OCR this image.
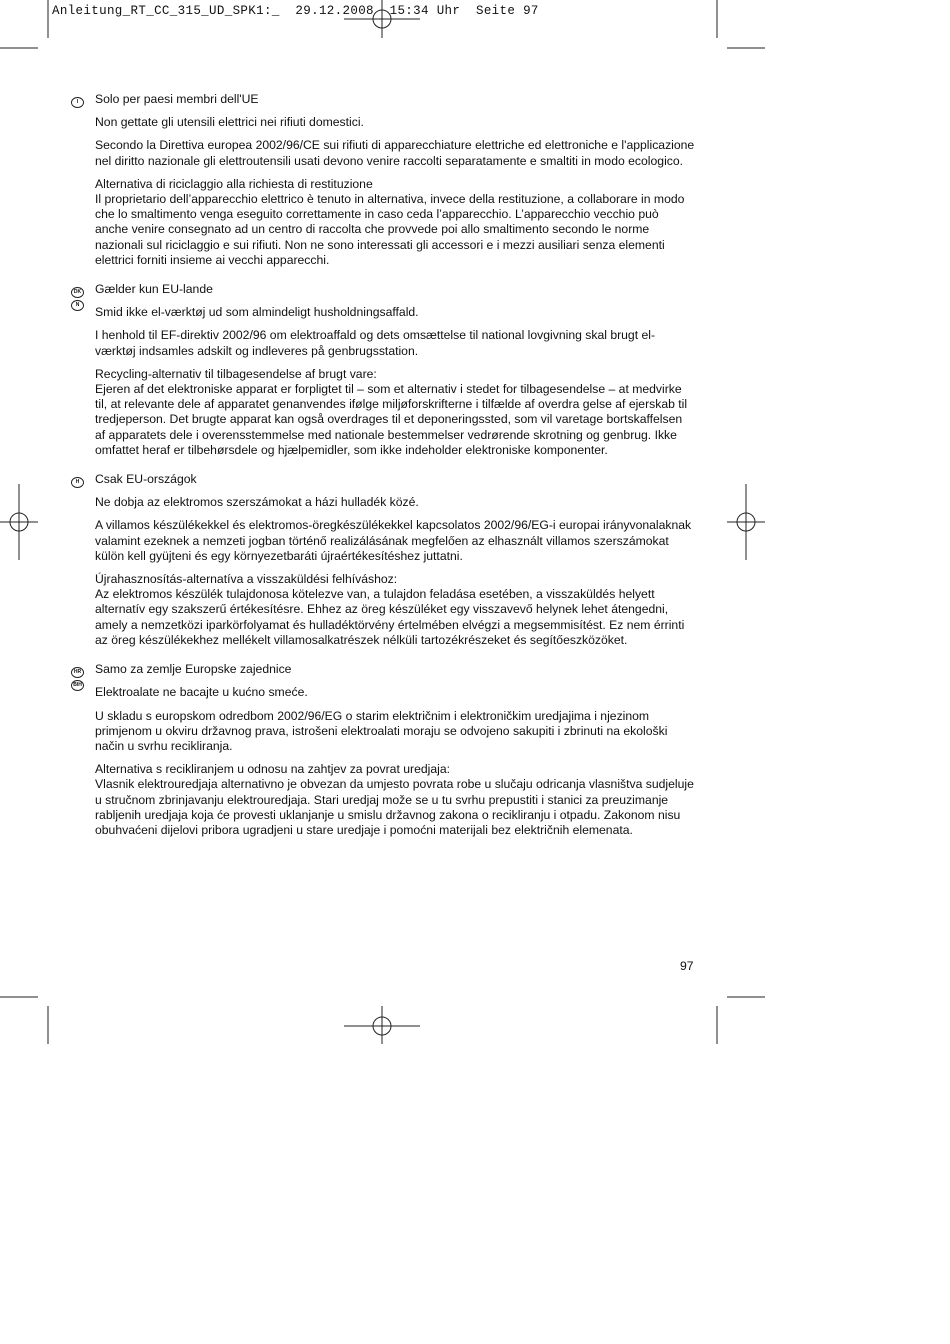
Anleitung_RT_CC_315_UD_SPK1:_  29.12.2008  15:34 Uhr  Seite 97
I	Solo per paesi membri dell'UE

Non gettate gli utensili elettrici nei rifiuti domestici.

Secondo la Direttiva europea 2002/96/CE sui rifiuti di apparecchiature elettriche ed elettroniche e l'applicazione nel diritto nazionale gli elettroutensili usati devono venire raccolti separatamente e smaltiti in modo ecologico.

Alternativa di riciclaggio alla richiesta di restituzione
Il proprietario dell’apparecchio elettrico è tenuto in alternativa, invece della restituzione, a collaborare in modo che lo smaltimento venga eseguito correttamente in caso ceda l’apparecchio. L’apparecchio vecchio può anche venire consegnato ad un centro di raccolta che provvede poi allo smaltimento secondo le norme nazionali sul riciclaggio e sui rifiuti. Non ne sono interessati gli accessori e i mezzi ausiliari senza elementi elettrici forniti insieme ai vecchi apparecchi.

DK
N

Gælder kun EU-lande

Smid ikke el-værktøj ud som almindeligt husholdningsaffald.

I henhold til EF-direktiv 2002/96 om elektroaffald og dets omsættelse til national lovgivning skal brugt el-værktøj indsamles adskilt og indleveres på genbrugsstation.

Recycling-alternativ til tilbagesendelse af brugt vare:
Ejeren af det elektroniske apparat er forpligtet til – som et alternativ i stedet for tilbagesendelse – at medvirke til, at relevante dele af apparatet genanvendes ifølge miljøforskrifterne i tilfælde af overdra gelse af ejerskab til tredjeperson. Det brugte apparat kan også overdrages til et deponeringssted, som vil varetage bortskaffelsen af apparatets dele i overensstemmelse med nationale bestemmelser vedrørende skrotning og genbrug. Ikke omfattet heraf er tilbehørsdele og hjælpemidler, som ikke indeholder elektroniske komponenter.

H	Csak EU-országok

Ne dobja az elektromos szerszámokat a házi hulladék közé.

A villamos készülékekkel és elektromos-öregkészülékekkel kapcsolatos 2002/96/EG-i europai irányvonalaknak valamint ezeknek a nemzeti jogban történő realizálásának megfelően az elhasznált villamos szerszámokat külön kell gyüjteni és egy környezetbaráti újraértékesítéshez juttatni.

Újrahasznosítás-alternatíva a visszaküldési felhíváshoz:
Az elektromos készülék tulajdonosa kötelezve van, a tulajdon feladása esetében, a visszaküldés helyett alternatív egy szakszerű értékesítésre. Ehhez az öreg készüléket egy visszavevő helynek lehet átengedni, amely a nemzetközi iparkörfolyamat és hulladéktörvény értelmében elvégzi a megsemmisítést. Ez nem érrinti az öreg készülékekhez mellékelt villamosalkatrészek nélküli tartozékrészeket és segítőeszközöket.

HR
BIH

Samo za zemlje Europske zajednice

Elektroalate ne bacajte u kućno smeće.

U skladu s europskom odredbom 2002/96/EG o starim električnim i elektroničkim uredjajima i njezinom primjenom u okviru državnog prava, istrošeni elektroalati moraju se odvojeno sakupiti i zbrinuti na ekološki način u svrhu recikliranja.

Alternativa s recikliranjem u odnosu na zahtjev za povrat uredjaja:
Vlasnik elektrouredjaja alternativno je obvezan da umjesto povrata robe u slučaju odricanja vlasništva sudjeluje u stručnom zbrinjavanju elektrouredjaja. Stari uredjaj može se u tu svrhu prepustiti i stanici za preuzimanje rabljenih uredjaja koja će provesti uklanjanje u smislu državnog zakona o recikliranju i otpadu. Zakonom nisu obuhvaćeni dijelovi pribora ugradjeni u stare uredjaje i pomoćni materijali bez električnih elemenata.

97
